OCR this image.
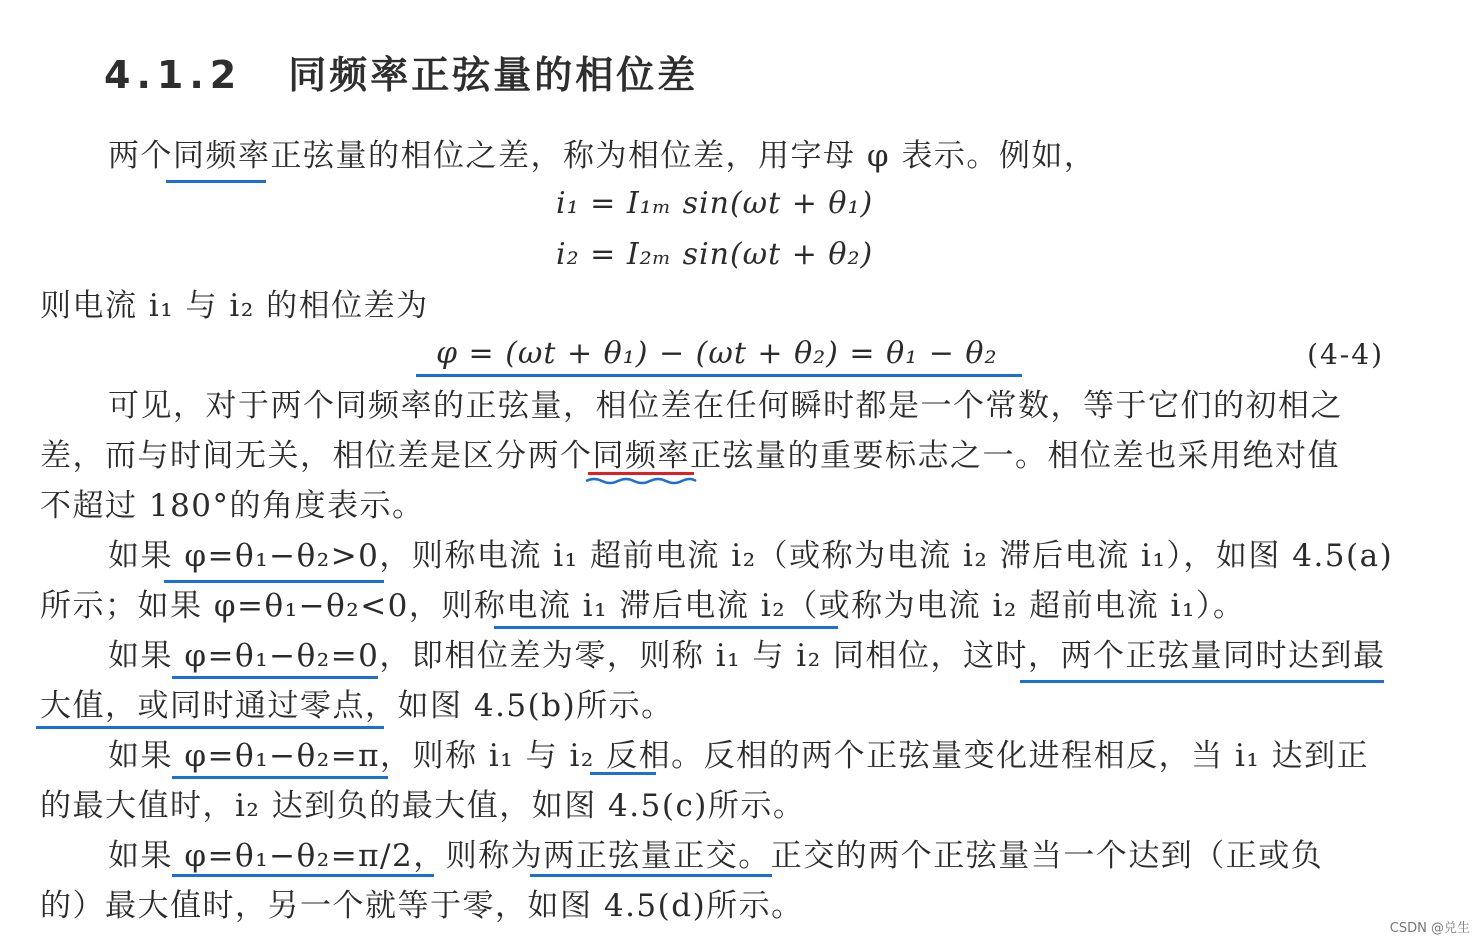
4.1.2 同频率正弦量的相位差
两个同频率正弦量的相位之差，称为相位差，用字母 φ 表示。例如，
i₁ = I₁ₘ sin(ωt + θ₁)
i₂ = I₂ₘ sin(ωt + θ₂)
则电流 i₁ 与 i₂ 的相位差为
φ = (ωt + θ₁) − (ωt + θ₂) = θ₁ − θ₂	(4-4)
可见，对于两个同频率的正弦量，相位差在任何瞬时都是一个常数，等于它们的初相之
差，而与时间无关，相位差是区分两个同频率正弦量的重要标志之一。相位差也采用绝对值
不超过 180°的角度表示。
如果 φ=θ₁−θ₂>0，则称电流 i₁ 超前电流 i₂（或称为电流 i₂ 滞后电流 i₁），如图 4.5(a)
所示；如果 φ=θ₁−θ₂<0，则称电流 i₁ 滞后电流 i₂（或称为电流 i₂ 超前电流 i₁）。
如果 φ=θ₁−θ₂=0，即相位差为零，则称 i₁ 与 i₂ 同相位，这时，两个正弦量同时达到最
大值，或同时通过零点，如图 4.5(b)所示。
如果 φ=θ₁−θ₂=π，则称 i₁ 与 i₂ 反相。反相的两个正弦量变化进程相反，当 i₁ 达到正
的最大值时，i₂ 达到负的最大值，如图 4.5(c)所示。
如果 φ=θ₁−θ₂=π/2，则称为两正弦量正交。正交的两个正弦量当一个达到（正或负
的）最大值时，另一个就等于零，如图 4.5(d)所示。
CSDN @兑生
